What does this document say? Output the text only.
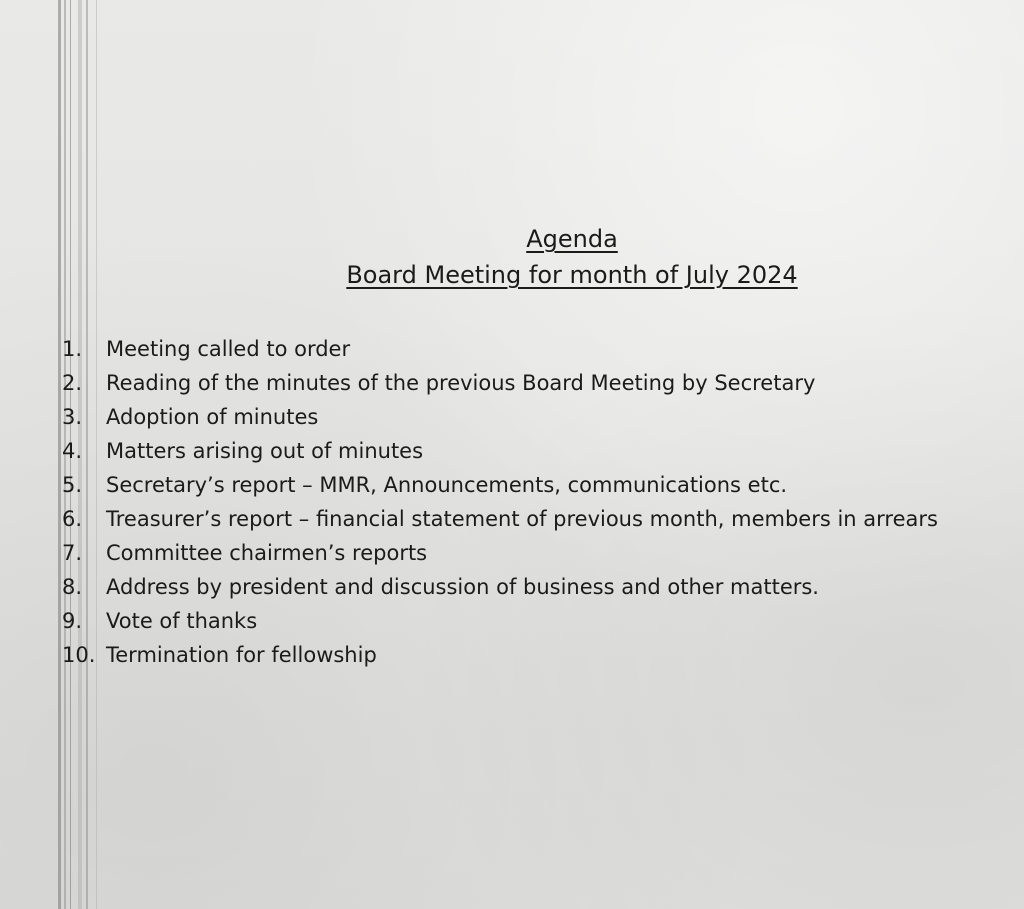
Agenda
Board Meeting for month of July 2024
1. Meeting called to order
2. Reading of the minutes of the previous Board Meeting by Secretary
3. Adoption of minutes
4. Matters arising out of minutes
5. Secretary’s report – MMR, Announcements, communications etc.
6. Treasurer’s report – financial statement of previous month, members in arrears
7. Committee chairmen’s reports
8. Address by president and discussion of business and other matters.
9. Vote of thanks
10. Termination for fellowship
